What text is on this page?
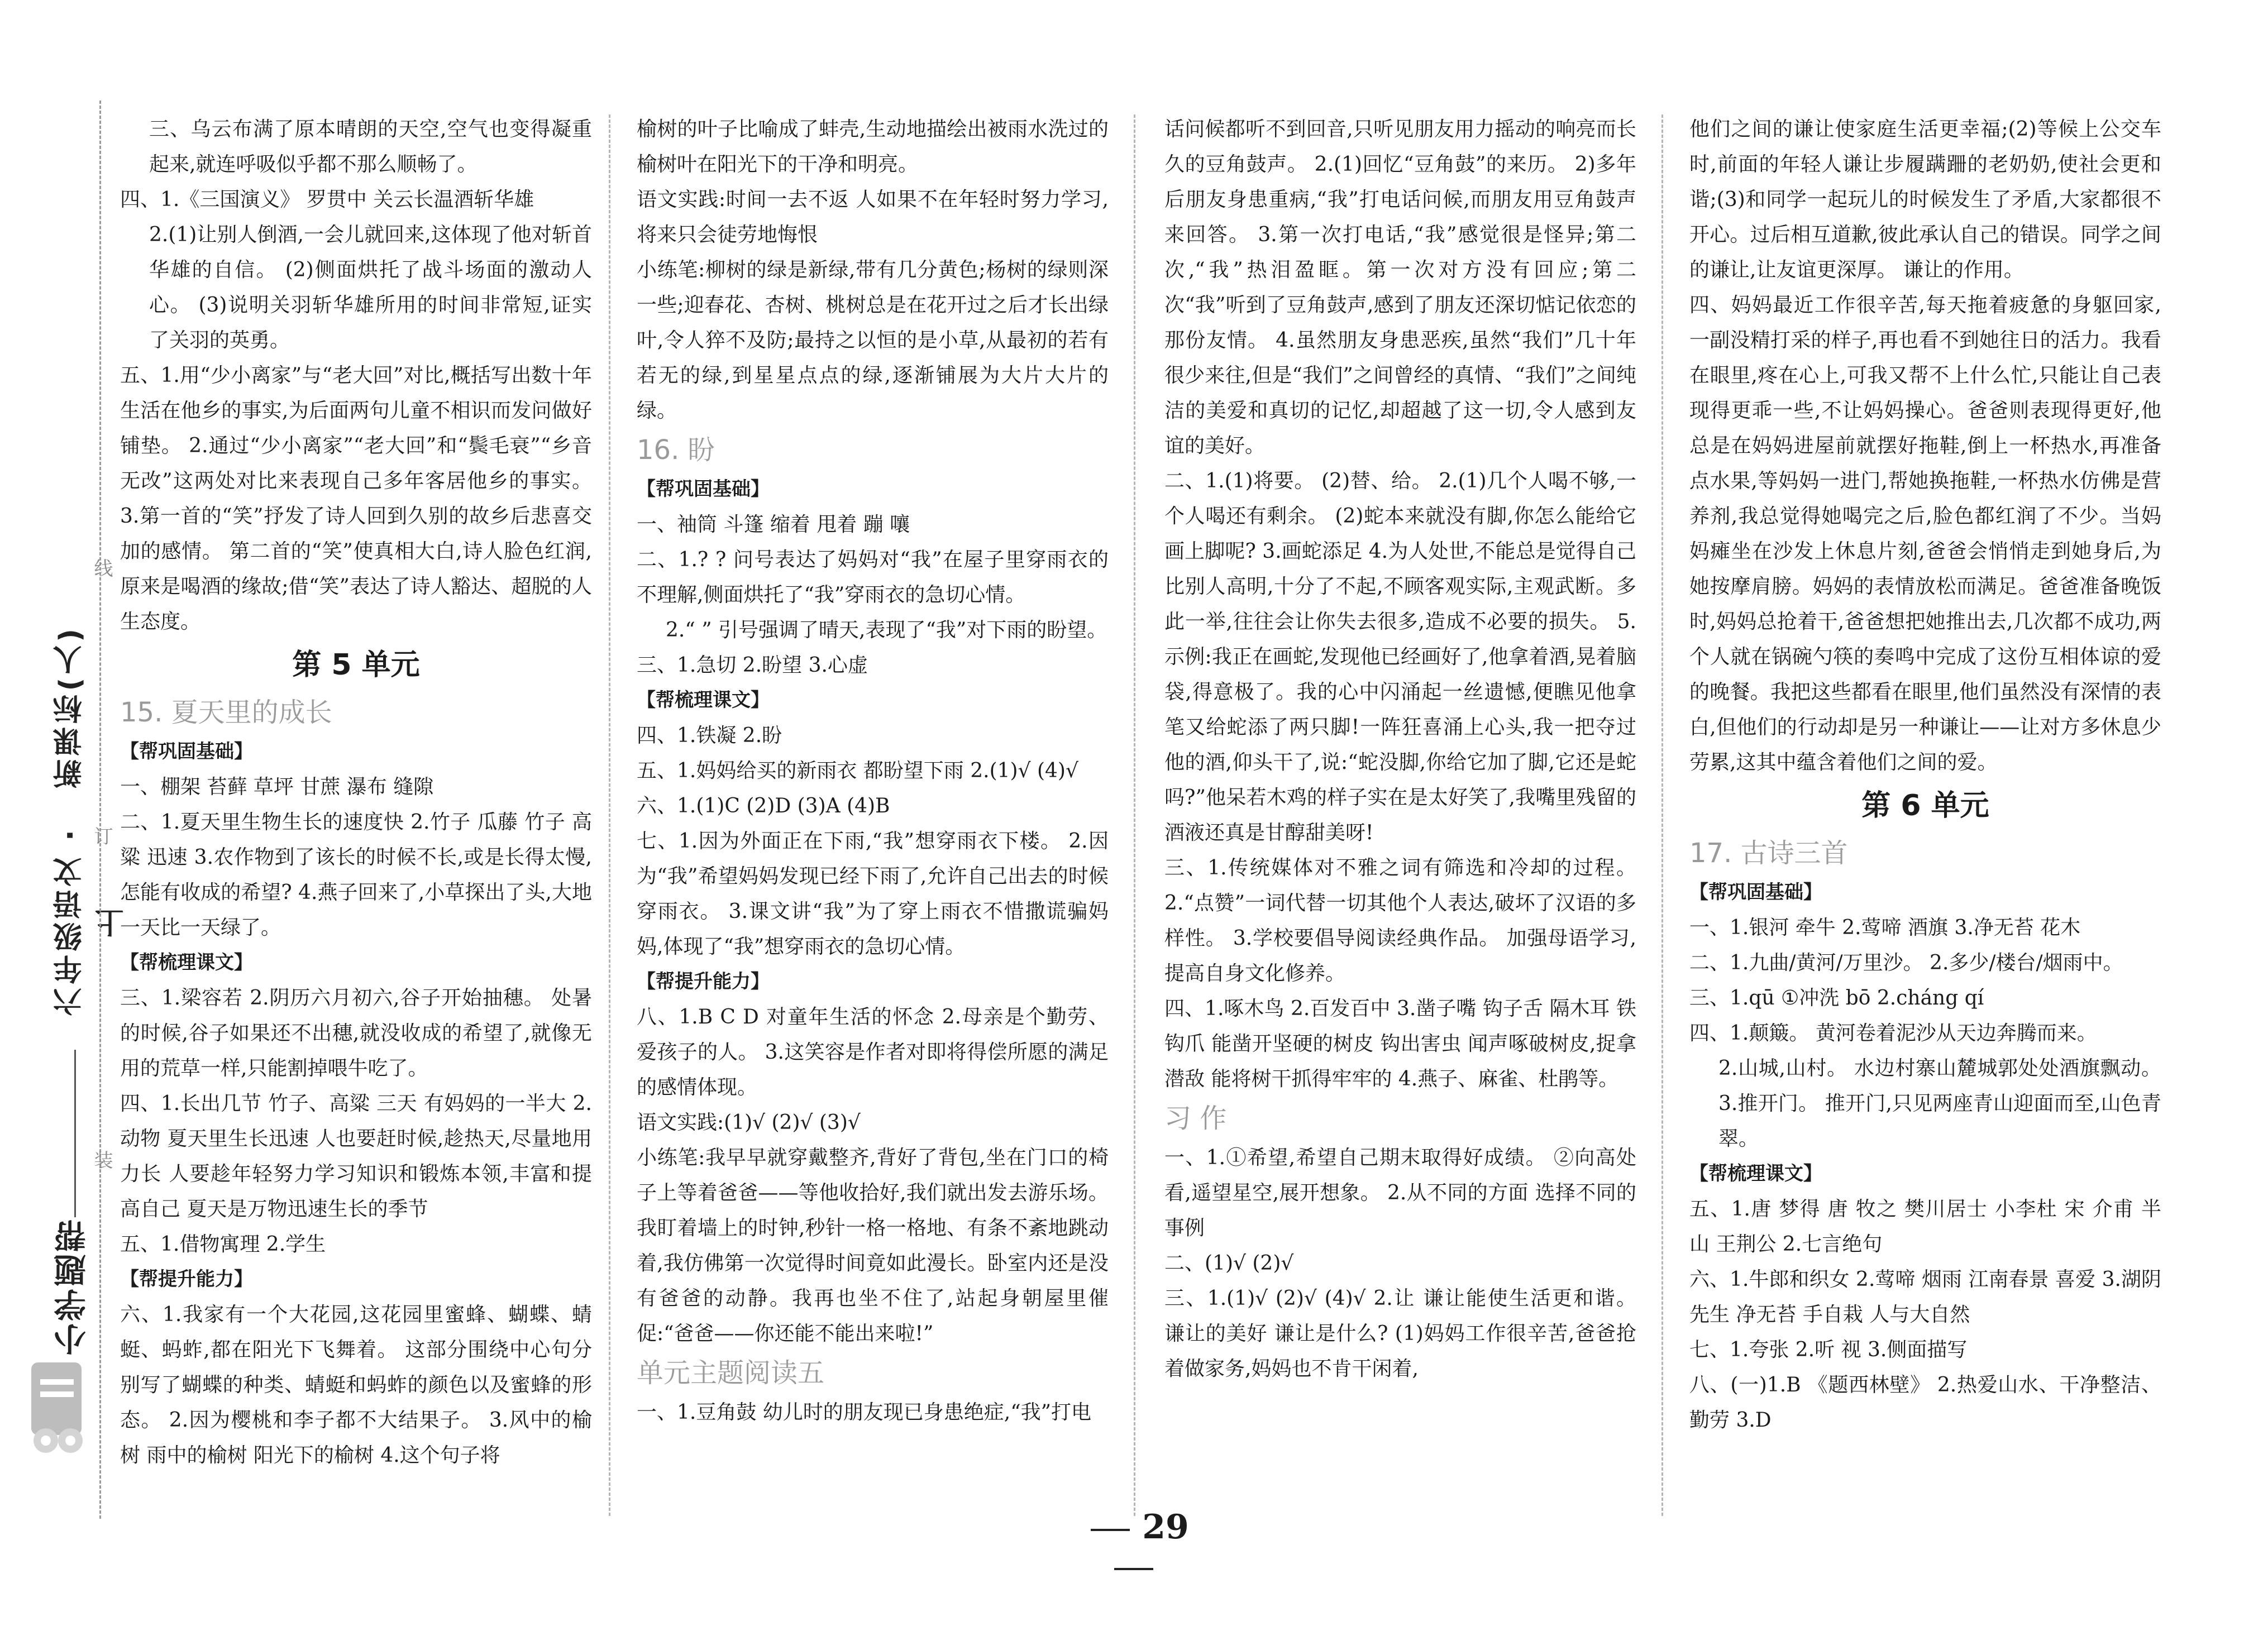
小学题帮
六年级语文 · 上
新课标(人)
线
订
装

三、乌云布满了原本晴朗的天空,空气也变得凝重起来,就连呼吸似乎都不那么顺畅了。

四、1.《三国演义》 罗贯中 关云长温酒斩华雄

2.(1)让别人倒酒,一会儿就回来,这体现了他对斩首华雄的自信。 (2)侧面烘托了战斗场面的激动人心。 (3)说明关羽斩华雄所用的时间非常短,证实了关羽的英勇。

五、1.用“少小离家”与“老大回”对比,概括写出数十年生活在他乡的事实,为后面两句儿童不相识而发问做好铺垫。 2.通过“少小离家”“老大回”和“鬓毛衰”“乡音无改”这两处对比来表现自己多年客居他乡的事实。 3.第一首的“笑”抒发了诗人回到久别的故乡后悲喜交加的感情。 第二首的“笑”使真相大白,诗人脸色红润,原来是喝酒的缘故;借“笑”表达了诗人豁达、超脱的人生态度。

第 5 单元
15. 夏天里的成长
【帮巩固基础】

一、棚架 苔藓 草坪 甘蔗 瀑布 缝隙

二、1.夏天里生物生长的速度快 2.竹子 瓜藤 竹子 高粱 迅速 3.农作物到了该长的时候不长,或是长得太慢,怎能有收成的希望? 4.燕子回来了,小草探出了头,大地一天比一天绿了。

【帮梳理课文】

三、1.梁容若 2.阴历六月初六,谷子开始抽穗。 处暑的时候,谷子如果还不出穗,就没收成的希望了,就像无用的荒草一样,只能割掉喂牛吃了。

四、1.长出几节 竹子、高粱 三天 有妈妈的一半大 2.动物 夏天里生长迅速 人也要赶时候,趁热天,尽量地用力长 人要趁年轻努力学习知识和锻炼本领,丰富和提高自己 夏天是万物迅速生长的季节

五、1.借物寓理 2.学生

【帮提升能力】

六、1.我家有一个大花园,这花园里蜜蜂、蝴蝶、蜻蜓、蚂蚱,都在阳光下飞舞着。 这部分围绕中心句分别写了蝴蝶的种类、蜻蜓和蚂蚱的颜色以及蜜蜂的形态。 2.因为樱桃和李子都不大结果子。 3.风中的榆树 雨中的榆树 阳光下的榆树 4.这个句子将

榆树的叶子比喻成了蚌壳,生动地描绘出被雨水洗过的榆树叶在阳光下的干净和明亮。

语文实践:时间一去不返 人如果不在年轻时努力学习,将来只会徒劳地悔恨

小练笔:柳树的绿是新绿,带有几分黄色;杨树的绿则深一些;迎春花、杏树、桃树总是在花开过之后才长出绿叶,令人猝不及防;最持之以恒的是小草,从最初的若有若无的绿,到星星点点的绿,逐渐铺展为大片大片的绿。

16. 盼
【帮巩固基础】

一、袖筒 斗篷 缩着 甩着 蹦 嚷

二、1.? ? 问号表达了妈妈对“我”在屋子里穿雨衣的不理解,侧面烘托了“我”穿雨衣的急切心情。

2.“ ” 引号强调了晴天,表现了“我”对下雨的盼望。

三、1.急切 2.盼望 3.心虚

【帮梳理课文】

四、1.铁凝 2.盼

五、1.妈妈给买的新雨衣 都盼望下雨 2.(1)√ (4)√

六、1.(1)C (2)D (3)A (4)B

七、1.因为外面正在下雨,“我”想穿雨衣下楼。 2.因为“我”希望妈妈发现已经下雨了,允许自己出去的时候穿雨衣。 3.课文讲“我”为了穿上雨衣不惜撒谎骗妈妈,体现了“我”想穿雨衣的急切心情。

【帮提升能力】

八、1.B C D 对童年生活的怀念 2.母亲是个勤劳、爱孩子的人。 3.这笑容是作者对即将得偿所愿的满足的感情体现。

语文实践:(1)√ (2)√ (3)√

小练笔:我早早就穿戴整齐,背好了背包,坐在门口的椅子上等着爸爸——等他收拾好,我们就出发去游乐场。我盯着墙上的时钟,秒针一格一格地、有条不紊地跳动着,我仿佛第一次觉得时间竟如此漫长。卧室内还是没有爸爸的动静。我再也坐不住了,站起身朝屋里催促:“爸爸——你还能不能出来啦!”

单元主题阅读五

一、1.豆角鼓 幼儿时的朋友现已身患绝症,“我”打电

话问候都听不到回音,只听见朋友用力摇动的响亮而长久的豆角鼓声。 2.(1)回忆“豆角鼓”的来历。 2)多年后朋友身患重病,“我”打电话问候,而朋友用豆角鼓声来回答。 3.第一次打电话,“我”感觉很是怪异;第二次,“我”热泪盈眶。第一次对方没有回应;第二次“我”听到了豆角鼓声,感到了朋友还深切惦记依恋的那份友情。 4.虽然朋友身患恶疾,虽然“我们”几十年很少来往,但是“我们”之间曾经的真情、“我们”之间纯洁的美爱和真切的记忆,却超越了这一切,令人感到友谊的美好。

二、1.(1)将要。 (2)替、给。 2.(1)几个人喝不够,一个人喝还有剩余。 (2)蛇本来就没有脚,你怎么能给它画上脚呢? 3.画蛇添足 4.为人处世,不能总是觉得自己比别人高明,十分了不起,不顾客观实际,主观武断。多此一举,往往会让你失去很多,造成不必要的损失。 5.示例:我正在画蛇,发现他已经画好了,他拿着酒,晃着脑袋,得意极了。我的心中闪涌起一丝遗憾,便瞧见他拿笔又给蛇添了两只脚!一阵狂喜涌上心头,我一把夺过他的酒,仰头干了,说:“蛇没脚,你给它加了脚,它还是蛇吗?”他呆若木鸡的样子实在是太好笑了,我嘴里残留的酒液还真是甘醇甜美呀!

三、1.传统媒体对不雅之词有筛选和冷却的过程。 2.“点赞”一词代替一切其他个人表达,破坏了汉语的多样性。 3.学校要倡导阅读经典作品。 加强母语学习,提高自身文化修养。

四、1.啄木鸟 2.百发百中 3.凿子嘴 钩子舌 隔木耳 铁钩爪 能凿开坚硬的树皮 钩出害虫 闻声啄破树皮,捉拿潜敌 能将树干抓得牢牢的 4.燕子、麻雀、杜鹃等。

习 作

一、1.①希望,希望自己期末取得好成绩。 ②向高处看,遥望星空,展开想象。 2.从不同的方面 选择不同的事例

二、(1)√ (2)√

三、1.(1)√ (2)√ (4)√ 2.让 谦让能使生活更和谐。 谦让的美好 谦让是什么? (1)妈妈工作很辛苦,爸爸抢着做家务,妈妈也不肯干闲着,

他们之间的谦让使家庭生活更幸福;(2)等候上公交车时,前面的年轻人谦让步履蹒跚的老奶奶,使社会更和谐;(3)和同学一起玩儿的时候发生了矛盾,大家都很不开心。过后相互道歉,彼此承认自己的错误。同学之间的谦让,让友谊更深厚。 谦让的作用。

四、妈妈最近工作很辛苦,每天拖着疲惫的身躯回家,一副没精打采的样子,再也看不到她往日的活力。我看在眼里,疼在心上,可我又帮不上什么忙,只能让自己表现得更乖一些,不让妈妈操心。爸爸则表现得更好,他总是在妈妈进屋前就摆好拖鞋,倒上一杯热水,再准备点水果,等妈妈一进门,帮她换拖鞋,一杯热水仿佛是营养剂,我总觉得她喝完之后,脸色都红润了不少。当妈妈瘫坐在沙发上休息片刻,爸爸会悄悄走到她身后,为她按摩肩膀。妈妈的表情放松而满足。爸爸准备晚饭时,妈妈总抢着干,爸爸想把她推出去,几次都不成功,两个人就在锅碗勺筷的奏鸣中完成了这份互相体谅的爱的晚餐。我把这些都看在眼里,他们虽然没有深情的表白,但他们的行动却是另一种谦让——让对方多休息少劳累,这其中蕴含着他们之间的爱。

第 6 单元
17. 古诗三首
【帮巩固基础】

一、1.银河 牵牛 2.莺啼 酒旗 3.净无苔 花木

二、1.九曲/黄河/万里沙。 2.多少/楼台/烟雨中。

三、1.qū ①冲洗 bō 2.cháng qí

四、1.颠簸。 黄河卷着泥沙从天边奔腾而来。

2.山城,山村。 水边村寨山麓城郭处处酒旗飘动。 3.推开门。 推开门,只见两座青山迎面而至,山色青翠。

【帮梳理课文】

五、1.唐 梦得 唐 牧之 樊川居士 小李杜 宋 介甫 半山 王荆公 2.七言绝句

六、1.牛郎和织女 2.莺啼 烟雨 江南春景 喜爱 3.湖阴先生 净无苔 手自栽 人与大自然

七、1.夸张 2.听 视 3.侧面描写

八、(一)1.B 《题西林壁》 2.热爱山水、干净整洁、勤劳 3.D

29
